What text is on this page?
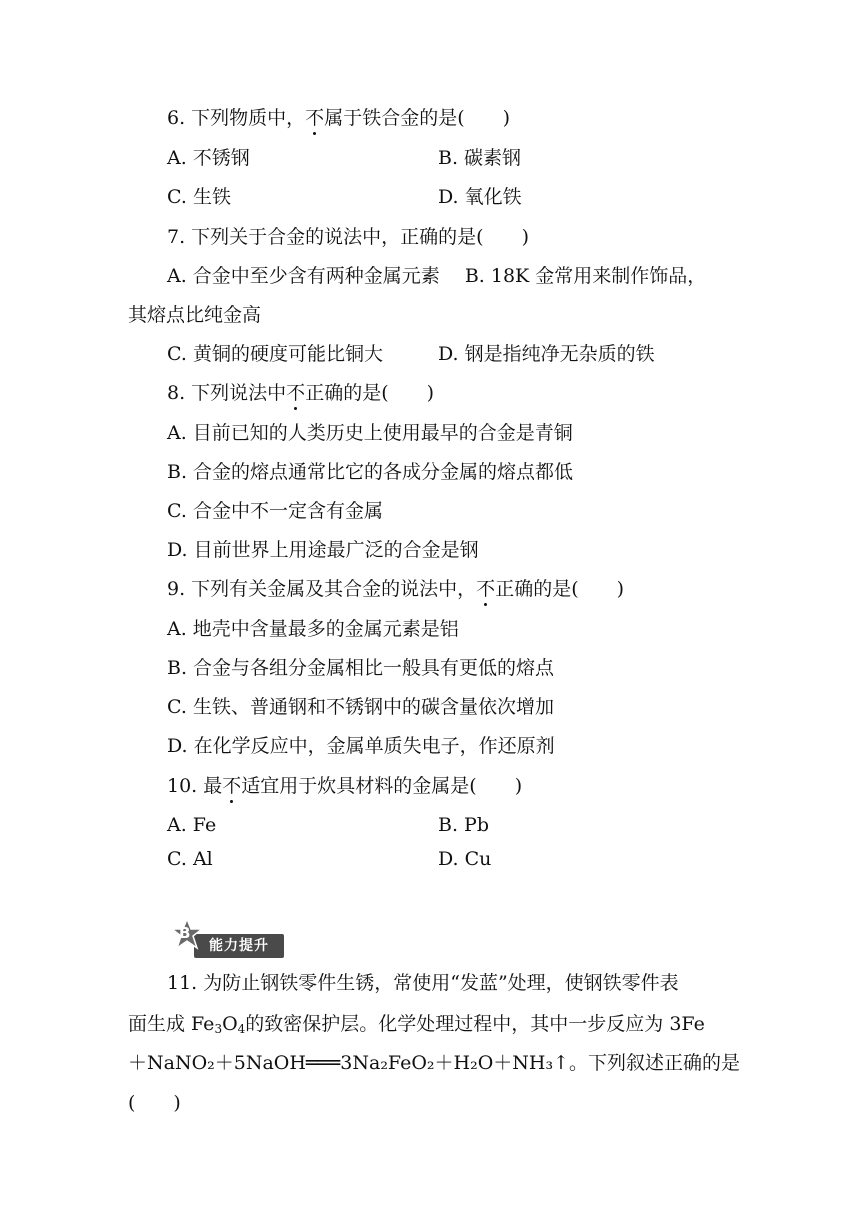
6. 下列物质中，不属于铁合金的是(　　)
A. 不锈钢	B. 碳素钢
C. 生铁	D. 氧化铁
7. 下列关于合金的说法中，正确的是(　　)
A. 合金中至少含有两种金属元素　 B. 18K 金常用来制作饰品，
其熔点比纯金高
C. 黄铜的硬度可能比铜大	D. 钢是指纯净无杂质的铁
8. 下列说法中不正确的是(　　)
A. 目前已知的人类历史上使用最早的合金是青铜
B. 合金的熔点通常比它的各成分金属的熔点都低
C. 合金中不一定含有金属
D. 目前世界上用途最广泛的合金是钢
9. 下列有关金属及其合金的说法中，不正确的是(　　)
A. 地壳中含量最多的金属元素是铝
B. 合金与各组分金属相比一般具有更低的熔点
C. 生铁、普通钢和不锈钢中的碳含量依次增加
D. 在化学反应中，金属单质失电子，作还原剂
10. 最不适宜用于炊具材料的金属是(　　)
A. Fe	B. Pb
C. Al	D. Cu
能力提升
B
11. 为防止钢铁零件生锈，常使用“发蓝”处理，使钢铁零件表
面生成 $Fe_3O_4$的致密保护层。化学处理过程中，其中一步反应为 3Fe
＋NaNO₂＋5NaOH═══3Na₂FeO₂＋H₂O＋NH₃↑。下列叙述正确的是
(　　)
